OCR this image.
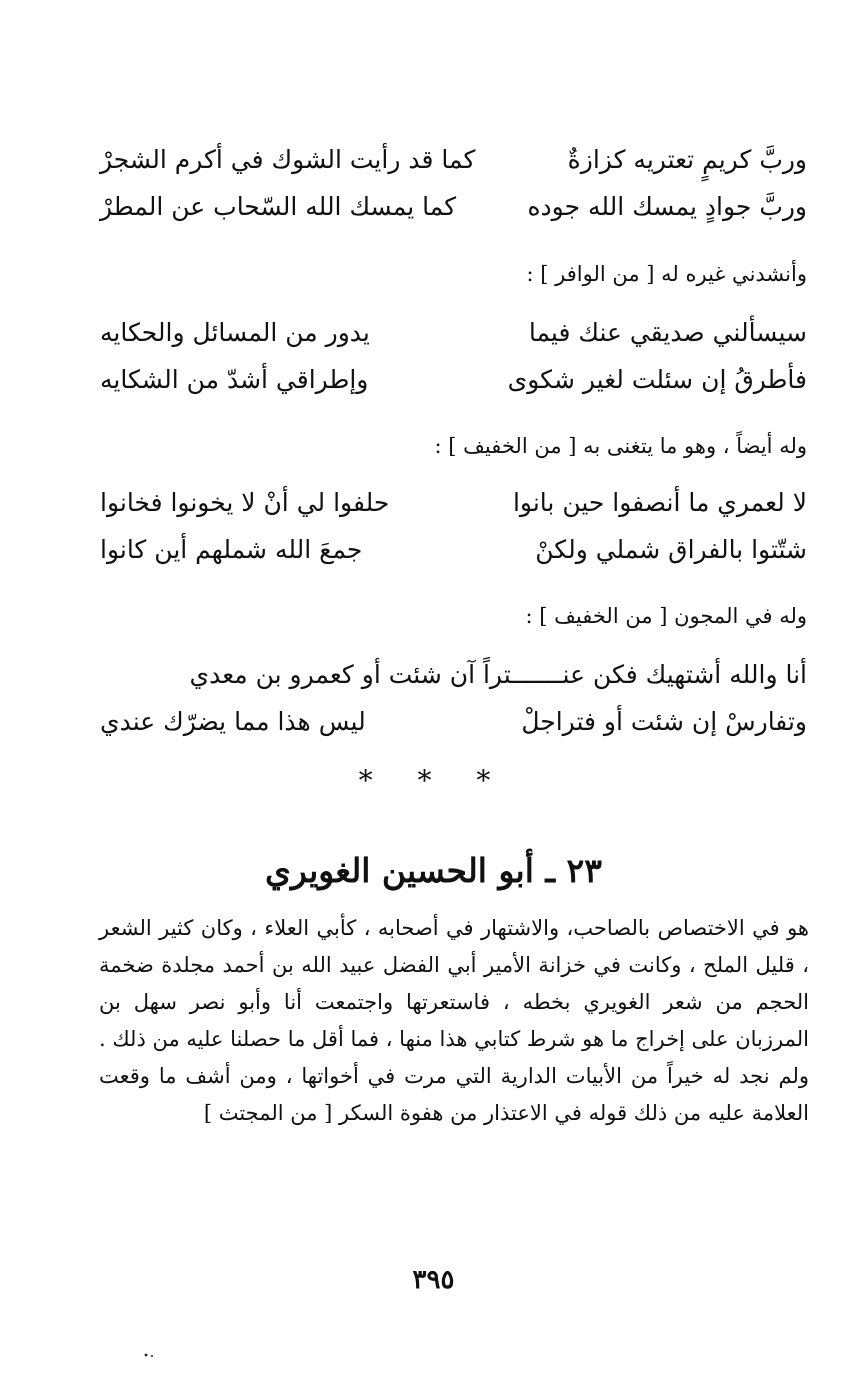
وربَّ كريمٍ تعتريه كزازةٌ
كما قد رأيت الشوك في أكرم الشجرْ
وربَّ جوادٍ يمسك الله جوده
كما يمسك الله السّحاب عن المطرْ
وأنشدني غيره له [ من الوافر ] :
سيسألني صديقي عنك فيما
يدور من المسائل والحكايه
فأطرقُ إن سئلت لغير شكوى
وإطراقي أشدّ من الشكايه
وله أيضاً ، وهو ما يتغنى به [ من الخفيف ] :
لا لعمري ما أنصفوا حين بانوا
حلفوا لي أنْ لا يخونوا فخانوا
شتّتوا بالفراق شملي ولكنْ
جمعَ الله شملهم أين كانوا
وله في المجون [ من الخفيف ] :
أنا والله أشتهيك فكن عنـــــــتراً آن شئت أو كعمرو بن معدي
وتفارسْ إن شئت أو فتراجلْ
ليس هذا مما يضرّك عندي
* * *
٢٣ ـ أبو الحسين الغويري

هو في الاختصاص بالصاحب، والاشتهار في أصحابه ، كأبي العلاء ، وكان كثير الشعر ، قليل الملح ، وكانت في خزانة الأمير أبي الفضل عبيد الله بن أحمد مجلدة ضخمة الحجم من شعر الغويري بخطه ، فاستعرتها واجتمعت أنا وأبو نصر سهل بن المرزبان على إخراج ما هو شرط كتابي هذا منها ، فما أقل ما حصلنا عليه من ذلك . ولم نجد له خيراً من الأبيات الدارية التي مرت في أخواتها ، ومن أشف ما وقعت العلامة عليه من ذلك قوله في الاعتذار من هفوة السكر [ من المجتث ]

٣٩٥
